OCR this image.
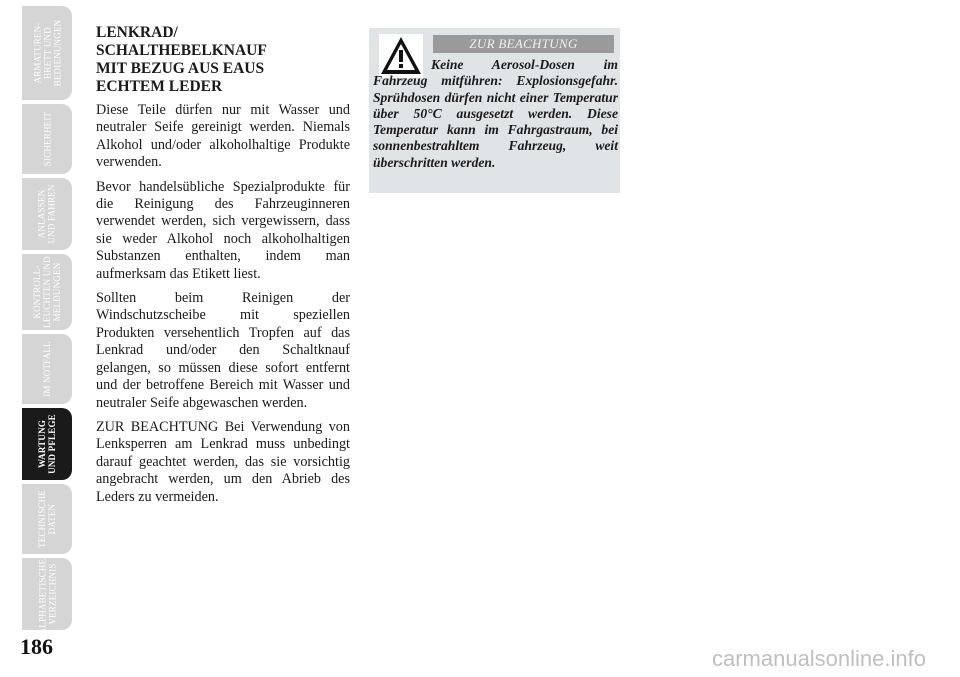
ARMATUREN-
BRETT UND
BEDIENUNGEN
SICHERHEIT
ANLASSEN
UND FAHREN
KONTROLL-
LEUCHTEN UND
MELDUNGEN
IM NOTFALL
WARTUNG
UND PFLEGE
TECHNISCHE
DATEN
ALPHABETISCHES
VERZEICHNIS
186
LENKRAD/
SCHALTHEBELKNAUF
MIT BEZUG AUS EAUS
ECHTEM LEDER

Diese Teile dürfen nur mit Wasser und neutraler Seife gereinigt werden. Niemals Alkohol und/oder alkoholhaltige Produkte verwenden.

Bevor handelsübliche Spezialprodukte für die Reinigung des Fahrzeuginneren verwendet werden, sich vergewissern, dass sie weder Alkohol noch alkoholhaltigen Substanzen enthalten, indem man aufmerksam das Etikett liest.

Sollten beim Reinigen der Windschutzscheibe mit speziellen Produkten versehentlich Tropfen auf das Lenkrad und/oder den Schaltknauf gelangen, so müssen diese sofort entfernt und der betroffene Bereich mit Wasser und neutraler Seife abgewaschen werden.

ZUR BEACHTUNG Bei Verwendung von Lenksperren am Lenkrad muss unbedingt darauf geachtet werden, das sie vorsichtig angebracht werden, um den Abrieb des Leders zu vermeiden.

ZUR BEACHTUNG
Keine Aerosol-Dosen im Fahrzeug mitführen: Explosionsgefahr. Sprühdosen dürfen nicht einer Temperatur über 50°C ausgesetzt werden. Diese Temperatur kann im Fahrgastraum, bei sonnenbestrahltem Fahrzeug, weit überschritten werden.
carmanualsonline.info
